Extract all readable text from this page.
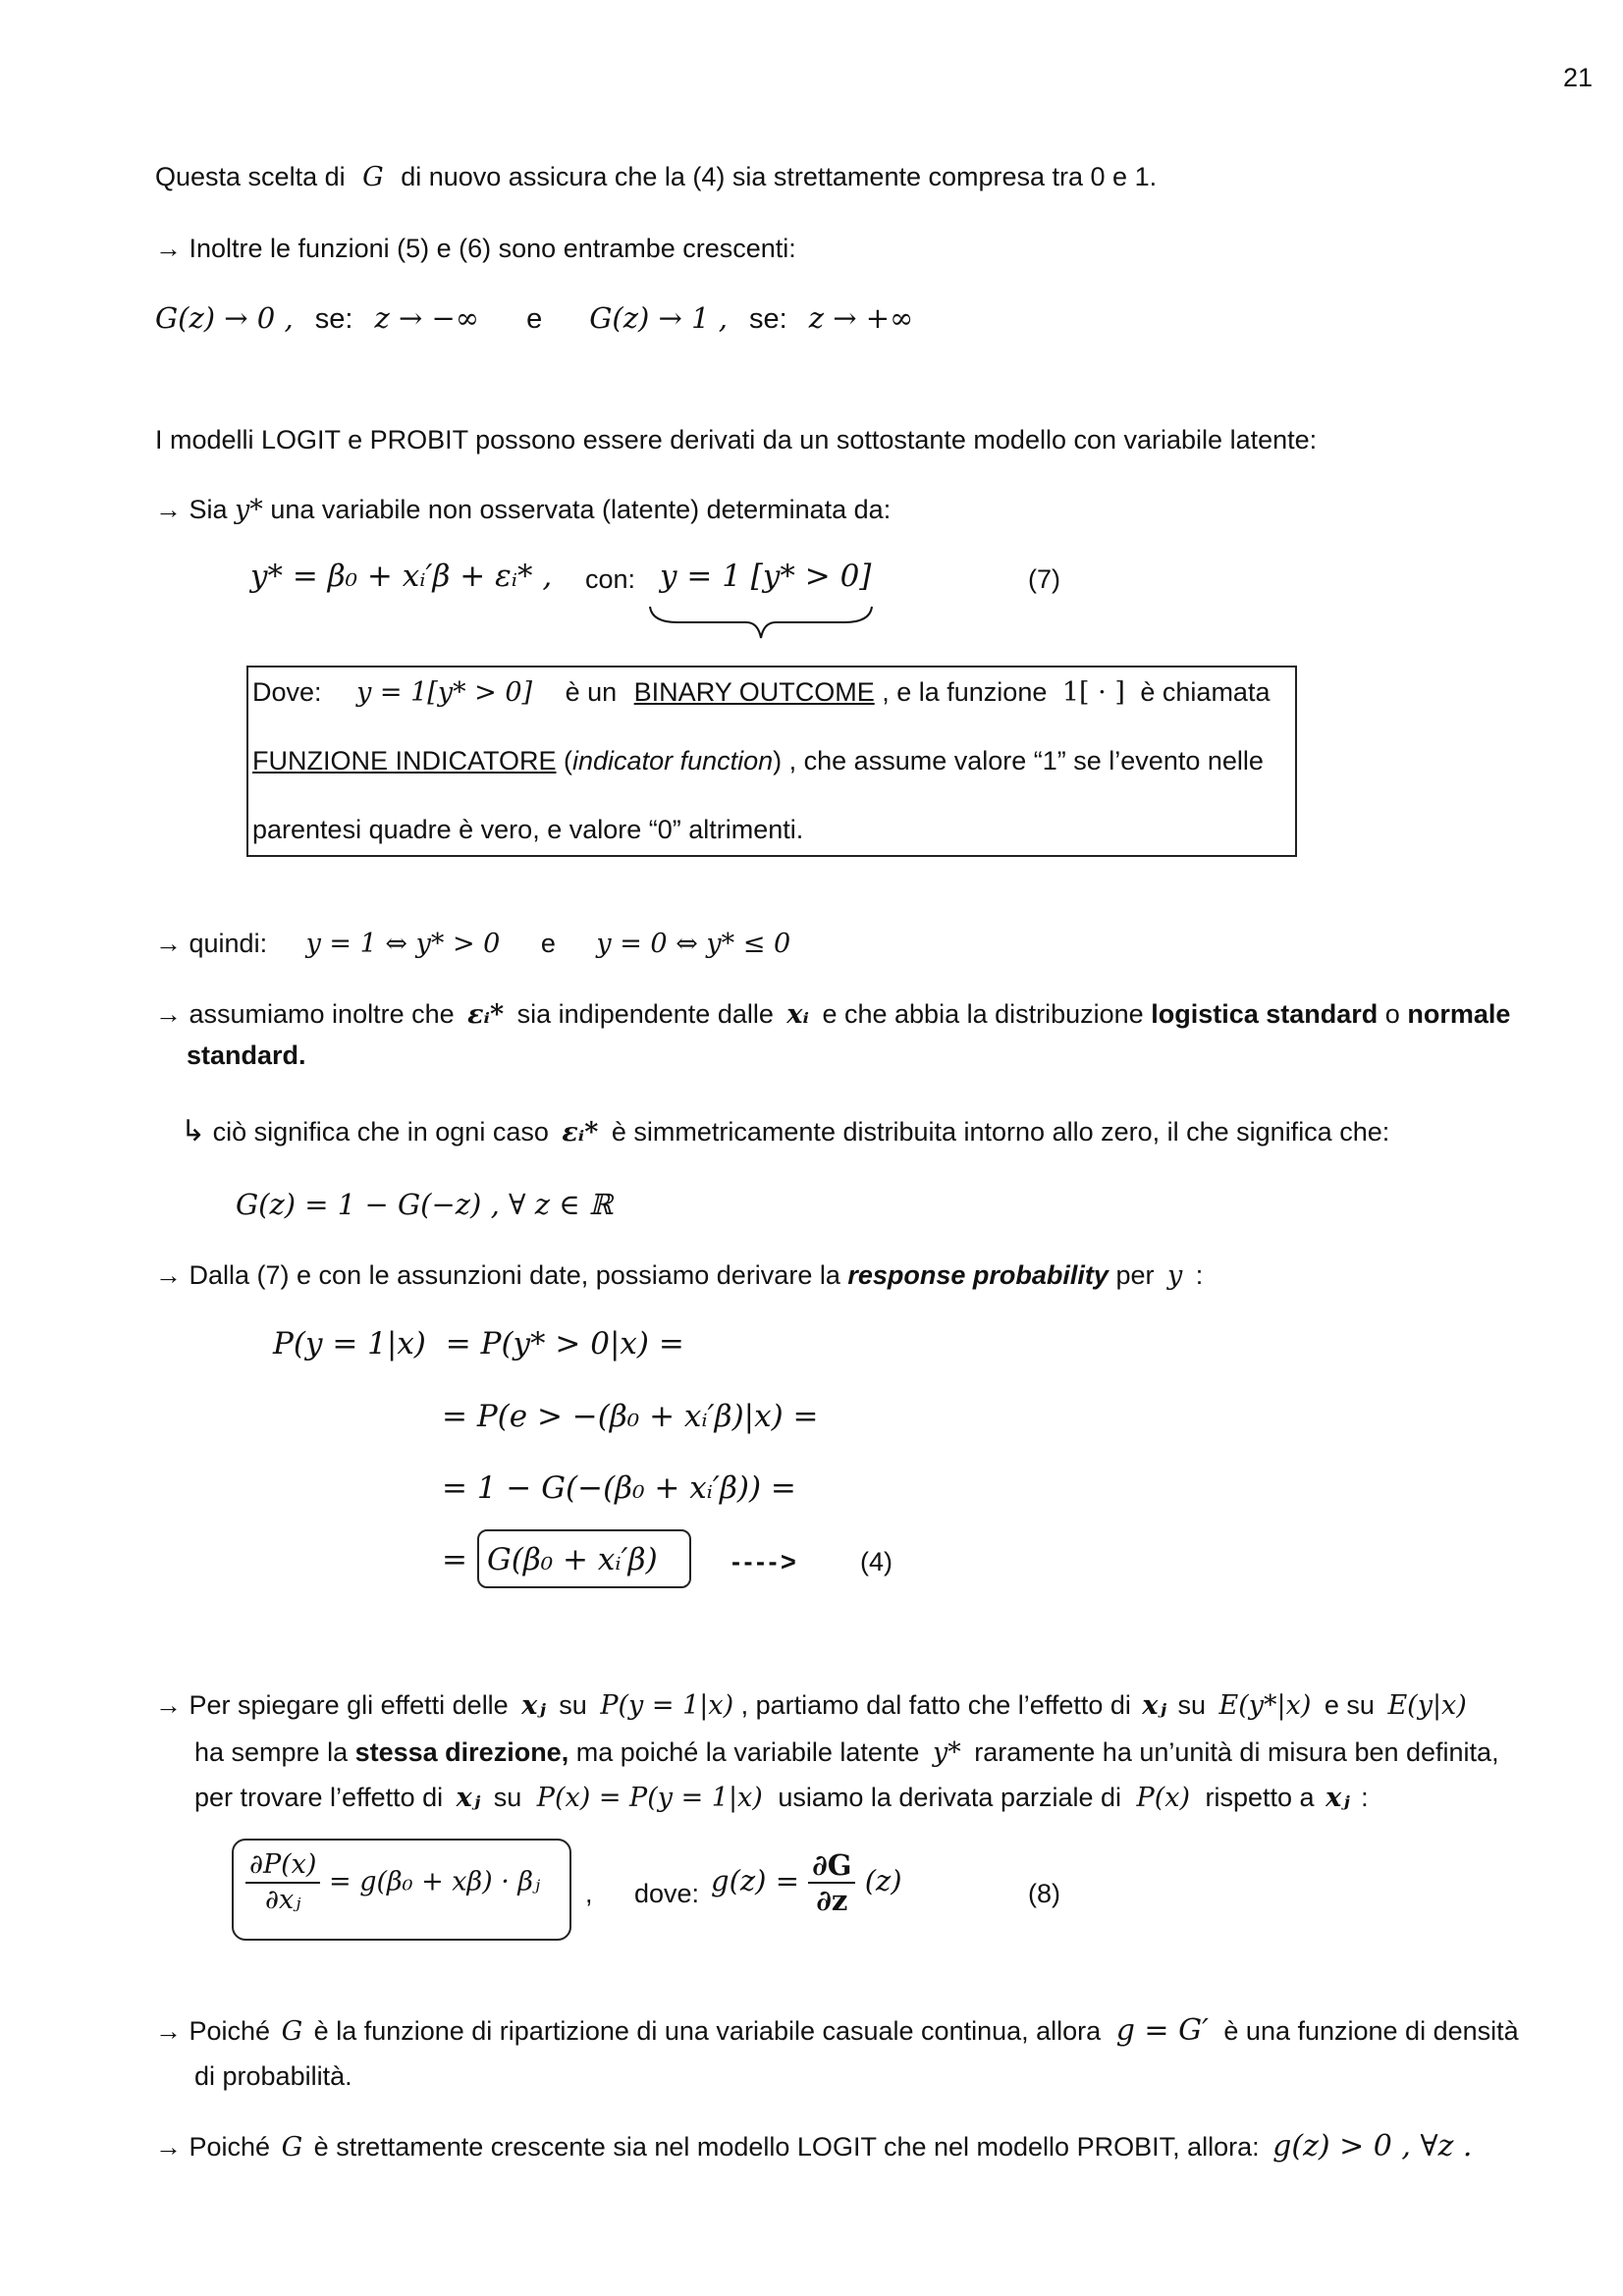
21
Questa scelta di G di nuovo assicura che la (4) sia strettamente compresa tra 0 e 1.
→ Inoltre le funzioni (5) e (6) sono entrambe crescenti:
G(z) → 0 , se: z → −∞ e G(z) → 1 , se: z → +∞
I modelli LOGIT e PROBIT possono essere derivati da un sottostante modello con variabile latente:
→ Sia y* una variabile non osservata (latente) determinata da:
y* = β₀ + xᵢ′β + εᵢ* , con: y = 1 [y* > 0]	(7)
Dove: y = 1[y* > 0] è un BINARY OUTCOME , e la funzione 1[ · ] è chiamata
FUNZIONE INDICATORE (indicator function) , che assume valore “1” se l’evento nelle
parentesi quadre è vero, e valore “0” altrimenti.
→ quindi: y = 1 ⇔ y* > 0 e y = 0 ⇔ y* ≤ 0
→ assumiamo inoltre che εᵢ* sia indipendente dalle xᵢ e che abbia la distribuzione logistica standard o normale
standard.
↳ ciò significa che in ogni caso εᵢ* è simmetricamente distribuita intorno allo zero, il che significa che:
G(z) = 1 − G(−z) , ∀ z ∈ ℝ
→ Dalla (7) e con le assunzioni date, possiamo derivare la response probability per y :
P(y = 1|x) = P(y* > 0|x) =
= P(e > −(β₀ + xᵢ′β)|x) =
= 1 − G(−(β₀ + xᵢ′β)) =
= G(β₀ + xᵢ′β)	- - - - > (4)
→ Per spiegare gli effetti delle xⱼ su P(y = 1|x) , partiamo dal fatto che l’effetto di xⱼ su E(y*|x) e su E(y|x)
ha sempre la stessa direzione, ma poiché la variabile latente y* raramente ha un’unità di misura ben definita,
per trovare l’effetto di xⱼ su P(x) = P(y = 1|x) usiamo la derivata parziale di P(x) rispetto a xⱼ :
$\frac{\partial P(x)}{\text{∂xⱼ}} = g(\beta_0 + x\beta)$ · βⱼ , dove: $g(z) = \frac{\partial G}{\partial z} (z)$	(8)
→ Poiché G è la funzione di ripartizione di una variabile casuale continua, allora g = G′ è una funzione di densità
di probabilità.
→ Poiché G è strettamente crescente sia nel modello LOGIT che nel modello PROBIT, allora: g(z) > 0 , ∀z .
